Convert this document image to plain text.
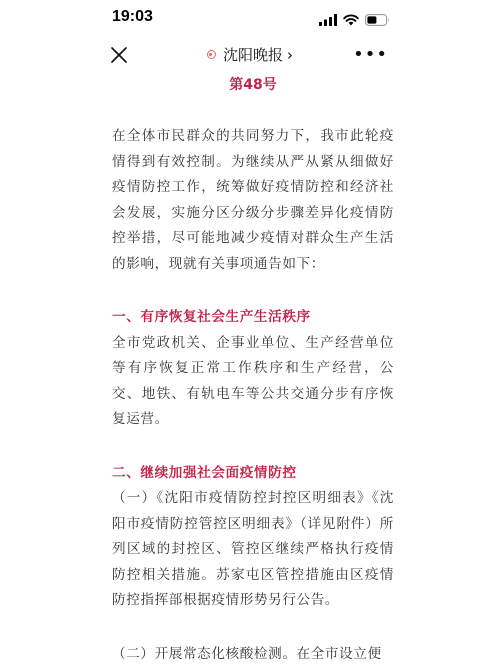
19:03
沈阳晚报 ›	•••
第48号

在全体市民群众的共同努力下，我市此轮疫情得到有效控制。为继续从严从紧从细做好疫情防控工作，统筹做好疫情防控和经济社会发展，实施分区分级分步骤差异化疫情防控举措，尽可能地减少疫情对群众生产生活的影响，现就有关事项通告如下：

一、有序恢复社会生产生活秩序

全市党政机关、企事业单位、生产经营单位等有序恢复正常工作秩序和生产经营，公交、地铁、有轨电车等公共交通分步有序恢复运营。

二、继续加强社会面疫情防控

（一）《沈阳市疫情防控封控区明细表》《沈阳市疫情防控管控区明细表》（详见附件）所列区域的封控区、管控区继续严格执行疫情防控相关措施。苏家屯区管控措施由区疫情防控指挥部根据疫情形势另行公告。

（二）开展常态化核酸检测。在全市设立便
